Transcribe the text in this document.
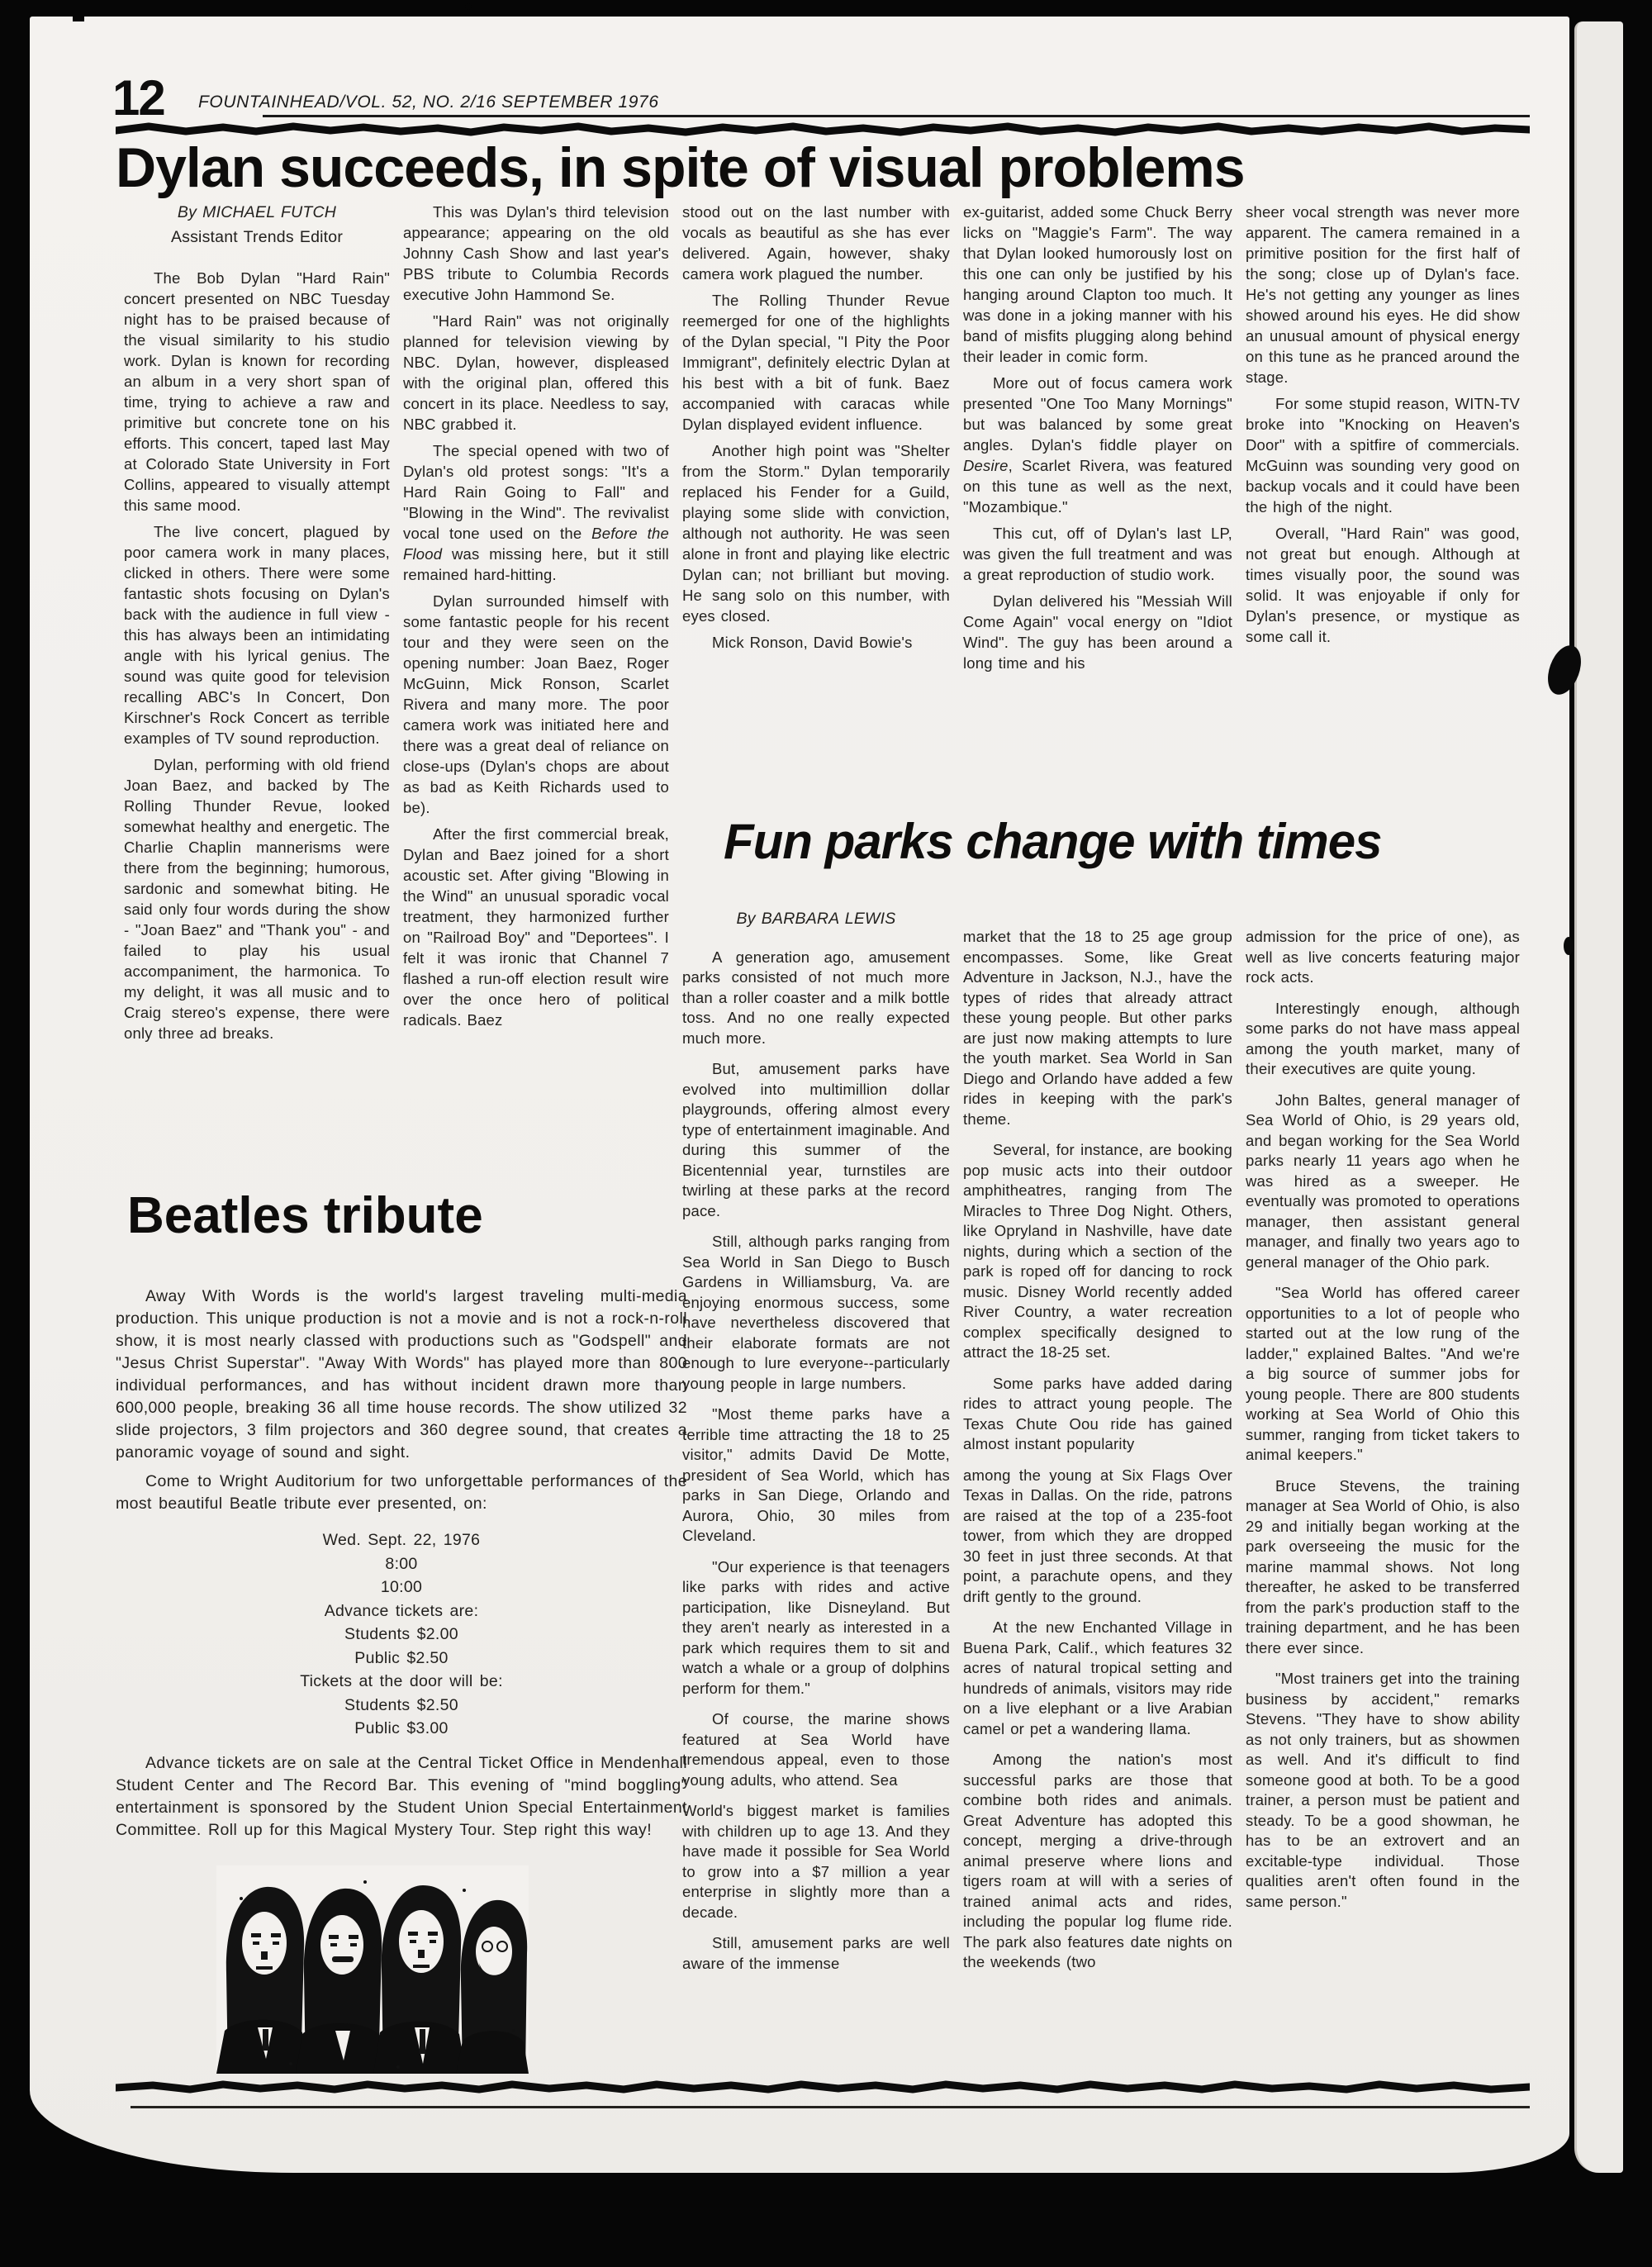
12 FOUNTAINHEAD/VOL. 52, NO. 2/16 SEPTEMBER 1976
Dylan succeeds, in spite of visual problems

By MICHAEL FUTCH

Assistant Trends Editor

The Bob Dylan "Hard Rain" concert presented on NBC Tuesday night has to be praised because of the visual similarity to his studio work. Dylan is known for recording an album in a very short span of time, trying to achieve a raw and primitive but concrete tone on his efforts. This concert, taped last May at Colorado State University in Fort Collins, appeared to visually attempt this same mood.

The live concert, plagued by poor camera work in many places, clicked in others. There were some fantastic shots focusing on Dylan's back with the audience in full view - this has always been an intimidating angle with his lyrical genius. The sound was quite good for television recalling ABC's In Concert, Don Kirschner's Rock Concert as terrible examples of TV sound reproduction.

Dylan, performing with old friend Joan Baez, and backed by The Rolling Thunder Revue, looked somewhat healthy and energetic. The Charlie Chaplin mannerisms were there from the beginning; humorous, sardonic and somewhat biting. He said only four words during the show - "Joan Baez" and "Thank you" - and failed to play his usual accompaniment, the harmonica. To my delight, it was all music and to Craig stereo's expense, there were only three ad breaks.

This was Dylan's third television appearance; appearing on the old Johnny Cash Show and last year's PBS tribute to Columbia Records executive John Hammond Se.

"Hard Rain" was not originally planned for television viewing by NBC. Dylan, however, displeased with the original plan, offered this concert in its place. Needless to say, NBC grabbed it.

The special opened with two of Dylan's old protest songs: "It's a Hard Rain Going to Fall" and "Blowing in the Wind". The revivalist vocal tone used on the Before the Flood was missing here, but it still remained hard-hitting.

Dylan surrounded himself with some fantastic people for his recent tour and they were seen on the opening number: Joan Baez, Roger McGuinn, Mick Ronson, Scarlet Rivera and many more. The poor camera work was initiated here and there was a great deal of reliance on close-ups (Dylan's chops are about as bad as Keith Richards used to be).

After the first commercial break, Dylan and Baez joined for a short acoustic set. After giving "Blowing in the Wind" an unusual sporadic vocal treatment, they harmonized further on "Railroad Boy" and "Deportees". I felt it was ironic that Channel 7 flashed a run-off election result wire over the once hero of political radicals. Baez

stood out on the last number with vocals as beautiful as she has ever delivered. Again, however, shaky camera work plagued the number.

The Rolling Thunder Revue reemerged for one of the highlights of the Dylan special, "I Pity the Poor Immigrant", definitely electric Dylan at his best with a bit of funk. Baez accompanied with caracas while Dylan displayed evident influence.

Another high point was "Shelter from the Storm." Dylan temporarily replaced his Fender for a Guild, playing some slide with conviction, although not authority. He was seen alone in front and playing like electric Dylan can; not brilliant but moving. He sang solo on this number, with eyes closed.

Mick Ronson, David Bowie's

ex-guitarist, added some Chuck Berry licks on "Maggie's Farm". The way that Dylan looked humorously lost on this one can only be justified by his hanging around Clapton too much. It was done in a joking manner with his band of misfits plugging along behind their leader in comic form.

More out of focus camera work presented "One Too Many Mornings" but was balanced by some great angles. Dylan's fiddle player on Desire, Scarlet Rivera, was featured on this tune as well as the next, "Mozambique."

This cut, off of Dylan's last LP, was given the full treatment and was a great reproduction of studio work.

Dylan delivered his "Messiah Will Come Again" vocal energy on "Idiot Wind". The guy has been around a long time and his

sheer vocal strength was never more apparent. The camera remained in a primitive position for the first half of the song; close up of Dylan's face. He's not getting any younger as lines showed around his eyes. He did show an unusual amount of physical energy on this tune as he pranced around the stage.

For some stupid reason, WITN-TV broke into "Knocking on Heaven's Door" with a spitfire of commercials. McGuinn was sounding very good on backup vocals and it could have been the high of the night.

Overall, "Hard Rain" was good, not great but enough. Although at times visually poor, the sound was solid. It was enjoyable if only for Dylan's presence, or mystique as some call it.

Fun parks change with times

By BARBARA LEWIS

A generation ago, amusement parks consisted of not much more than a roller coaster and a milk bottle toss. And no one really expected much more.

But, amusement parks have evolved into multimillion dollar playgrounds, offering almost every type of entertainment imaginable. And during this summer of the Bicentennial year, turnstiles are twirling at these parks at the record pace.

Still, although parks ranging from Sea World in San Diego to Busch Gardens in Williamsburg, Va. are enjoying enormous success, some have nevertheless discovered that their elaborate formats are not enough to lure everyone--particularly young people in large numbers.

"Most theme parks have a terrible time attracting the 18 to 25 visitor," admits David De Motte, president of Sea World, which has parks in San Diege, Orlando and Aurora, Ohio, 30 miles from Cleveland.

"Our experience is that teenagers like parks with rides and active participation, like Disneyland. But they aren't nearly as interested in a park which requires them to sit and watch a whale or a group of dolphins perform for them."

Of course, the marine shows featured at Sea World have tremendous appeal, even to those young adults, who attend. Sea

World's biggest market is families with children up to age 13. And they have made it possible for Sea World to grow into a $7 million a year enterprise in slightly more than a decade.

Still, amusement parks are well aware of the immense

market that the 18 to 25 age group encompasses. Some, like Great Adventure in Jackson, N.J., have the types of rides that already attract these young people. But other parks are just now making attempts to lure the youth market. Sea World in San Diego and Orlando have added a few rides in keeping with the park's theme.

Several, for instance, are booking pop music acts into their outdoor amphitheatres, ranging from The Miracles to Three Dog Night. Others, like Opryland in Nashville, have date nights, during which a section of the park is roped off for dancing to rock music. Disney World recently added River Country, a water recreation complex specifically designed to attract the 18-25 set.

Some parks have added daring rides to attract young people. The Texas Chute Oou ride has gained almost instant popularity

among the young at Six Flags Over Texas in Dallas. On the ride, patrons are raised at the top of a 235-foot tower, from which they are dropped 30 feet in just three seconds. At that point, a parachute opens, and they drift gently to the ground.

At the new Enchanted Village in Buena Park, Calif., which features 32 acres of natural tropical setting and hundreds of animals, visitors may ride on a live elephant or a live Arabian camel or pet a wandering llama.

Among the nation's most successful parks are those that combine both rides and animals. Great Adventure has adopted this concept, merging a drive-through animal preserve where lions and tigers roam at will with a series of trained animal acts and rides, including the popular log flume ride. The park also features date nights on the weekends (two

admission for the price of one), as well as live concerts featuring major rock acts.

Interestingly enough, although some parks do not have mass appeal among the youth market, many of their executives are quite young.

John Baltes, general manager of Sea World of Ohio, is 29 years old, and began working for the Sea World parks nearly 11 years ago when he was hired as a sweeper. He eventually was promoted to operations manager, then assistant general manager, and finally two years ago to general manager of the Ohio park.

"Sea World has offered career opportunities to a lot of people who started out at the low rung of the ladder," explained Baltes. "And we're a big source of summer jobs for young people. There are 800 students working at Sea World of Ohio this summer, ranging from ticket takers to animal keepers."

Bruce Stevens, the training manager at Sea World of Ohio, is also 29 and initially began working at the park overseeing the music for the marine mammal shows. Not long thereafter, he asked to be transferred from the park's production staff to the training department, and he has been there ever since.

"Most trainers get into the training business by accident," remarks Stevens. "They have to show ability as not only trainers, but as showmen as well. And it's difficult to find someone good at both. To be a good trainer, a person must be patient and steady. To be a good showman, he has to be an extrovert and an excitable-type individual. Those qualities aren't often found in the same person."

Beatles tribute

Away With Words is the world's largest traveling multi-media production. This unique production is not a movie and is not a rock-n-roll show, it is most nearly classed with productions such as "Godspell" and "Jesus Christ Superstar". "Away With Words" has played more than 800 individual performances, and has without incident drawn more than 600,000 people, breaking 36 all time house records. The show utilized 32 slide projectors, 3 film projectors and 360 degree sound, that creates a panoramic voyage of sound and sight.

Come to Wright Auditorium for two unforgettable performances of the most beautiful Beatle tribute ever presented, on:

Wed. Sept. 22, 1976
8:00
10:00
Advance tickets are:
Students $2.00
Public $2.50
Tickets at the door will be:
Students $2.50
Public $3.00

Advance tickets are on sale at the Central Ticket Office in Mendenhall Student Center and The Record Bar. This evening of "mind boggling" entertainment is sponsored by the Student Union Special Entertainment Committee. Roll up for this Magical Mystery Tour. Step right this way!
